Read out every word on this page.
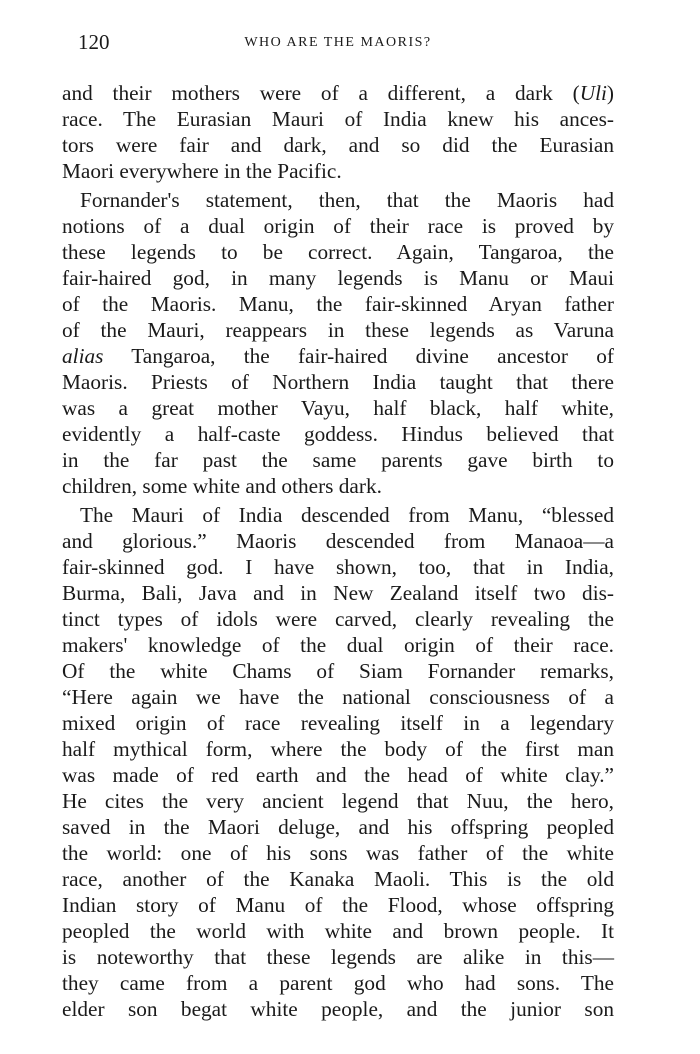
120	WHO ARE THE MAORIS?
and their mothers were of a different, a dark (Uli)
race. The Eurasian Mauri of India knew his ances-
tors were fair and dark, and so did the Eurasian
Maori everywhere in the Pacific.
Fornander's statement, then, that the Maoris had
notions of a dual origin of their race is proved by
these legends to be correct. Again, Tangaroa, the
fair-haired god, in many legends is Manu or Maui
of the Maoris. Manu, the fair-skinned Aryan father
of the Mauri, reappears in these legends as Varuna
alias Tangaroa, the fair-haired divine ancestor of
Maoris. Priests of Northern India taught that there
was a great mother Vayu, half black, half white,
evidently a half-caste goddess. Hindus believed that
in the far past the same parents gave birth to
children, some white and others dark.
The Mauri of India descended from Manu, “blessed
and glorious.” Maoris descended from Manaoa—a
fair-skinned god. I have shown, too, that in India,
Burma, Bali, Java and in New Zealand itself two dis-
tinct types of idols were carved, clearly revealing the
makers' knowledge of the dual origin of their race.
Of the white Chams of Siam Fornander remarks,
“Here again we have the national consciousness of a
mixed origin of race revealing itself in a legendary
half mythical form, where the body of the first man
was made of red earth and the head of white clay.”
He cites the very ancient legend that Nuu, the hero,
saved in the Maori deluge, and his offspring peopled
the world: one of his sons was father of the white
race, another of the Kanaka Maoli. This is the old
Indian story of Manu of the Flood, whose offspring
peopled the world with white and brown people. It
is noteworthy that these legends are alike in this—
they came from a parent god who had sons. The
elder son begat white people, and the junior son
